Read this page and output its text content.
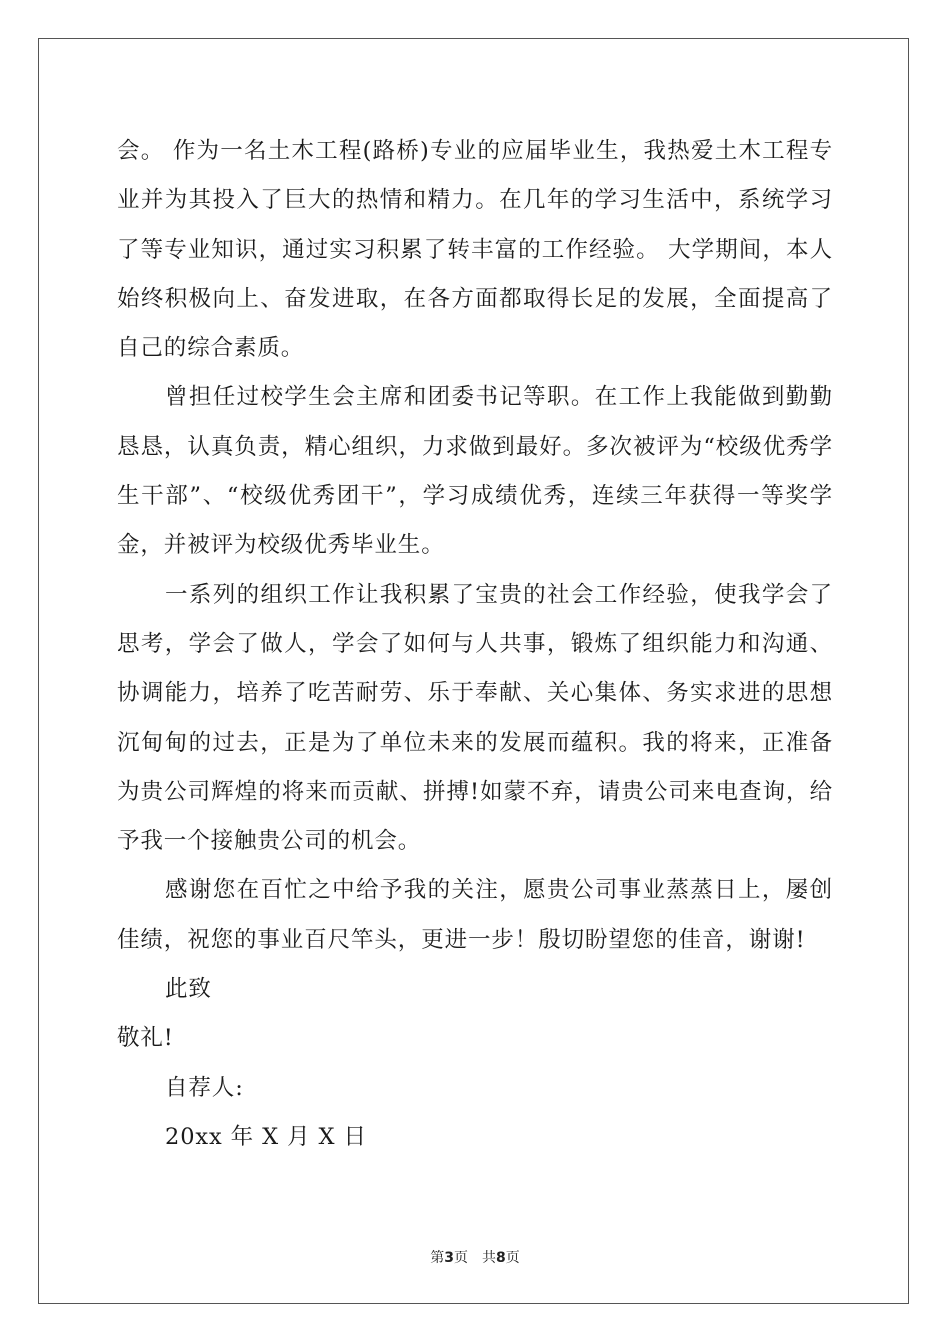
会。 作为一名土木工程(路桥)专业的应届毕业生，我热爱土木工程专业并为其投入了巨大的热情和精力。在几年的学习生活中，系统学习了等专业知识，通过实习积累了转丰富的工作经验。 大学期间，本人始终积极向上、奋发进取，在各方面都取得长足的发展，全面提高了自己的综合素质。

曾担任过校学生会主席和团委书记等职。在工作上我能做到勤勤恳恳，认真负责，精心组织，力求做到最好。多次被评为“校级优秀学生干部”、“校级优秀团干”，学习成绩优秀，连续三年获得一等奖学金，并被评为校级优秀毕业生。

一系列的组织工作让我积累了宝贵的社会工作经验，使我学会了思考，学会了做人，学会了如何与人共事，锻炼了组织能力和沟通、协调能力，培养了吃苦耐劳、乐于奉献、关心集体、务实求进的思想沉甸甸的过去，正是为了单位未来的发展而蕴积。我的将来，正准备为贵公司辉煌的将来而贡献、拼搏!如蒙不弃，请贵公司来电查询，给予我一个接触贵公司的机会。

感谢您在百忙之中给予我的关注，愿贵公司事业蒸蒸日上，屡创佳绩，祝您的事业百尺竿头，更进一步！殷切盼望您的佳音，谢谢!

此致

敬礼!

自荐人:

20xx 年 X 月 X 日

第3页 共8页
